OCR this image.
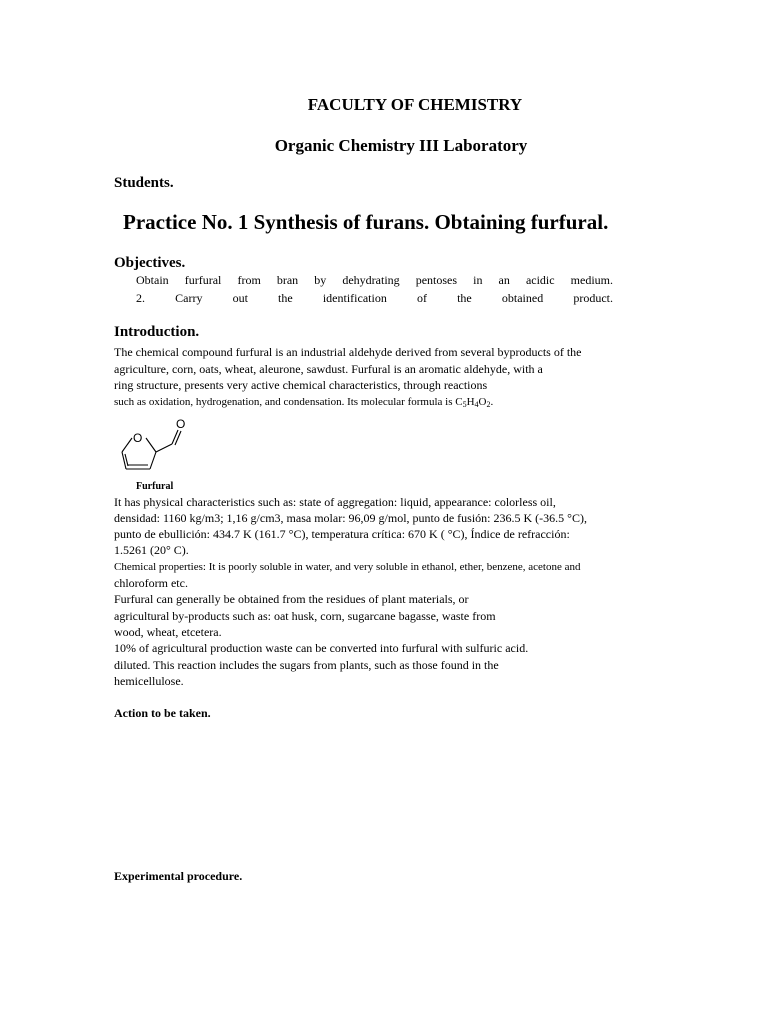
FACULTY OF CHEMISTRY
Organic Chemistry III Laboratory
Students.
Practice No. 1 Synthesis of furans. Obtaining furfural.
Objectives.
Obtain furfural from bran by dehydrating pentoses in an acidic medium.
2. Carry out the identification of the obtained product.
Introduction.
The chemical compound furfural is an industrial aldehyde derived from several byproducts of the
agriculture, corn, oats, wheat, aleurone, sawdust. Furfural is an aromatic aldehyde, with a
ring structure, presents very active chemical characteristics, through reactions
such as oxidation, hydrogenation, and condensation. Its molecular formula is $C_5H_4O_2$.
O
O
Furfural
It has physical characteristics such as: state of aggregation: liquid, appearance: colorless oil,
densidad: 1160 kg/m3; 1,16 g/cm3, masa molar: 96,09 g/mol, punto de fusión: 236.5 K (-36.5 °C),
punto de ebullición: 434.7 K (161.7 °C), temperatura crítica: 670 K ( °C), Índice de refracción:
1.5261 (20° C).
Chemical properties: It is poorly soluble in water, and very soluble in ethanol, ether, benzene, acetone and
chloroform etc.
Furfural can generally be obtained from the residues of plant materials, or
agricultural by-products such as: oat husk, corn, sugarcane bagasse, waste from
wood, wheat, etcetera.
10% of agricultural production waste can be converted into furfural with sulfuric acid.
diluted. This reaction includes the sugars from plants, such as those found in the
hemicellulose.
Action to be taken.
Experimental procedure.
